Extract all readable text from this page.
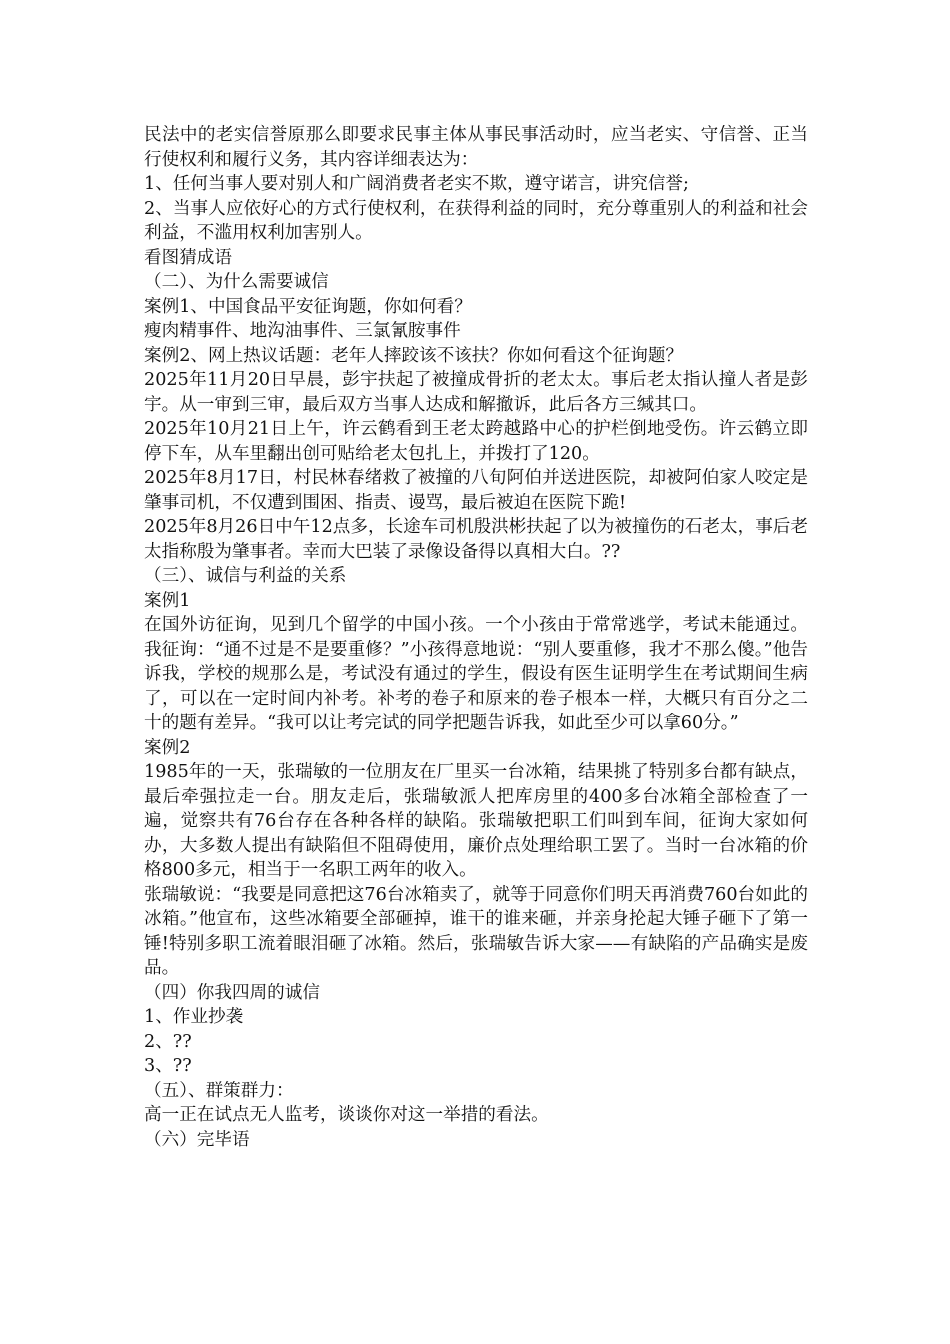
民法中的老实信誉原那么即要求民事主体从事民事活动时，应当老实、守信誉、正当行使权利和履行义务，其内容详细表达为：

1、任何当事人要对别人和广阔消费者老实不欺，遵守诺言，讲究信誉;

2、当事人应依好心的方式行使权利，在获得利益的同时，充分尊重别人的利益和社会利益，不滥用权利加害别人。

看图猜成语

（二）、为什么需要诚信

案例1、中国食品平安征询题，你如何看？

瘦肉精事件、地沟油事件、三氯氰胺事件

案例2、网上热议话题：老年人摔跤该不该扶？你如何看这个征询题？

2025年11月20日早晨，彭宇扶起了被撞成骨折的老太太。事后老太指认撞人者是彭宇。从一审到三审，最后双方当事人达成和解撤诉，此后各方三缄其口。

2025年10月21日上午，许云鹤看到王老太跨越路中心的护栏倒地受伤。许云鹤立即停下车，从车里翻出创可贴给老太包扎上，并拨打了120。

2025年8月17日，村民林春绪救了被撞的八旬阿伯并送进医院，却被阿伯家人咬定是肇事司机，不仅遭到围困、指责、谩骂，最后被迫在医院下跪!

2025年8月26日中午12点多，长途车司机殷洪彬扶起了以为被撞伤的石老太，事后老太指称殷为肇事者。幸而大巴装了录像设备得以真相大白。??

（三）、诚信与利益的关系

案例1

在国外访征询，见到几个留学的中国小孩。一个小孩由于常常逃学，考试未能通过。我征询：“通不过是不是要重修？”小孩得意地说：“别人要重修，我才不那么傻。”他告诉我，学校的规那么是，考试没有通过的学生，假设有医生证明学生在考试期间生病了，可以在一定时间内补考。补考的卷子和原来的卷子根本一样，大概只有百分之二十的题有差异。“我可以让考完试的同学把题告诉我，如此至少可以拿60分。”

案例2

1985年的一天，张瑞敏的一位朋友在厂里买一台冰箱，结果挑了特别多台都有缺点，最后牵强拉走一台。朋友走后，张瑞敏派人把库房里的400多台冰箱全部检查了一遍，觉察共有76台存在各种各样的缺陷。张瑞敏把职工们叫到车间，征询大家如何办，大多数人提出有缺陷但不阻碍使用，廉价点处理给职工罢了。当时一台冰箱的价格800多元，相当于一名职工两年的收入。

张瑞敏说：“我要是同意把这76台冰箱卖了，就等于同意你们明天再消费760台如此的冰箱。”他宣布，这些冰箱要全部砸掉，谁干的谁来砸，并亲身抡起大锤子砸下了第一锤!特别多职工流着眼泪砸了冰箱。然后，张瑞敏告诉大家——有缺陷的产品确实是废品。

（四）你我四周的诚信

1、作业抄袭

2、??

3、??

（五）、群策群力：

高一正在试点无人监考，谈谈你对这一举措的看法。

（六）完毕语
